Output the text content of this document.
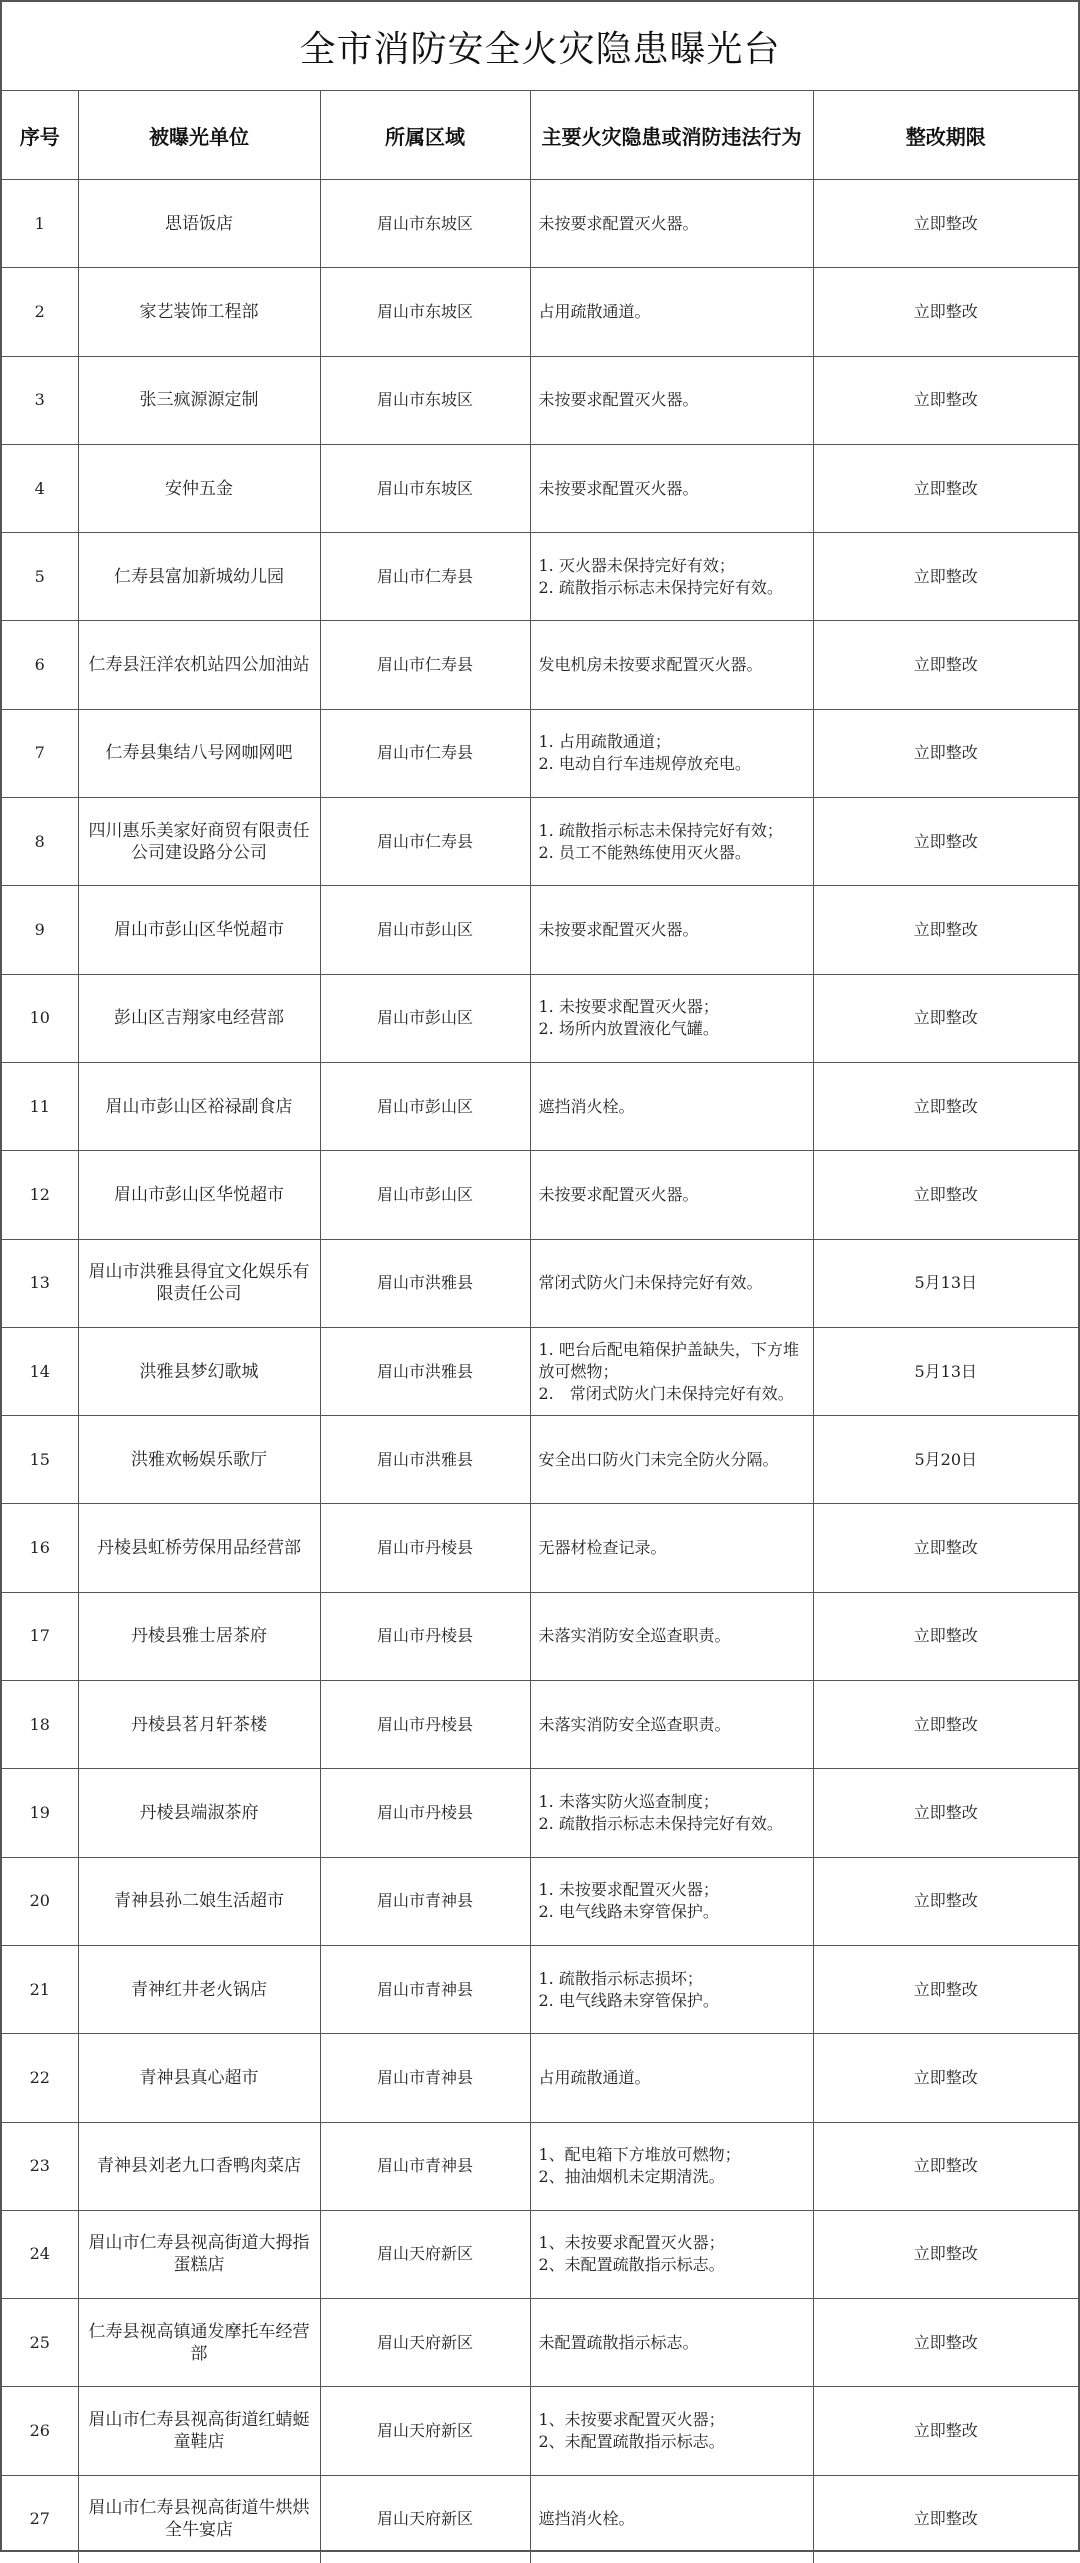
全市消防安全火灾隐患曝光台
序号	被曝光单位	所属区域	主要火灾隐患或消防违法行为	整改期限
1	思语饭店	眉山市东坡区	未按要求配置灭火器。	立即整改
2	家艺装饰工程部	眉山市东坡区	占用疏散通道。	立即整改
3	张三疯源源定制	眉山市东坡区	未按要求配置灭火器。	立即整改
4	安仲五金	眉山市东坡区	未按要求配置灭火器。	立即整改
5	仁寿县富加新城幼儿园	眉山市仁寿县	1. 灭火器未保持完好有效；
2. 疏散指示标志未保持完好有效。	立即整改
6	仁寿县汪洋农机站四公加油站	眉山市仁寿县	发电机房未按要求配置灭火器。	立即整改
7	仁寿县集结八号网咖网吧	眉山市仁寿县	1. 占用疏散通道；
2. 电动自行车违规停放充电。	立即整改
8	四川惠乐美家好商贸有限责任公司建设路分公司	眉山市仁寿县	1. 疏散指示标志未保持完好有效；
2. 员工不能熟练使用灭火器。	立即整改
9	眉山市彭山区华悦超市	眉山市彭山区	未按要求配置灭火器。	立即整改
10	彭山区吉翔家电经营部	眉山市彭山区	1. 未按要求配置灭火器；
2. 场所内放置液化气罐。	立即整改
11	眉山市彭山区裕禄副食店	眉山市彭山区	遮挡消火栓。	立即整改
12	眉山市彭山区华悦超市	眉山市彭山区	未按要求配置灭火器。	立即整改
13	眉山市洪雅县得宜文化娱乐有限责任公司	眉山市洪雅县	常闭式防火门未保持完好有效。	5月13日
14	洪雅县梦幻歌城	眉山市洪雅县	1. 吧台后配电箱保护盖缺失，下方堆放可燃物；
2.　常闭式防火门未保持完好有效。	5月13日
15	洪雅欢畅娱乐歌厅	眉山市洪雅县	安全出口防火门未完全防火分隔。	5月20日
16	丹棱县虹桥劳保用品经营部	眉山市丹棱县	无器材检查记录。	立即整改
17	丹棱县雅士居茶府	眉山市丹棱县	未落实消防安全巡查职责。	立即整改
18	丹棱县茗月轩茶楼	眉山市丹棱县	未落实消防安全巡查职责。	立即整改
19	丹棱县端淑茶府	眉山市丹棱县	1. 未落实防火巡查制度；
2. 疏散指示标志未保持完好有效。	立即整改
20	青神县孙二娘生活超市	眉山市青神县	1. 未按要求配置灭火器；
2. 电气线路未穿管保护。	立即整改
21	青神红井老火锅店	眉山市青神县	1. 疏散指示标志损坏；
2. 电气线路未穿管保护。	立即整改
22	青神县真心超市	眉山市青神县	占用疏散通道。	立即整改
23	青神县刘老九口香鸭肉菜店	眉山市青神县	1、配电箱下方堆放可燃物；
2、抽油烟机未定期清洗。	立即整改
24	眉山市仁寿县视高街道大拇指蛋糕店	眉山天府新区	1、未按要求配置灭火器；
2、未配置疏散指示标志。	立即整改
25	仁寿县视高镇通发摩托车经营部	眉山天府新区	未配置疏散指示标志。	立即整改
26	眉山市仁寿县视高街道红蜻蜓童鞋店	眉山天府新区	1、未按要求配置灭火器；
2、未配置疏散指示标志。	立即整改
27	眉山市仁寿县视高街道牛烘烘全牛宴店	眉山天府新区	遮挡消火栓。	立即整改
